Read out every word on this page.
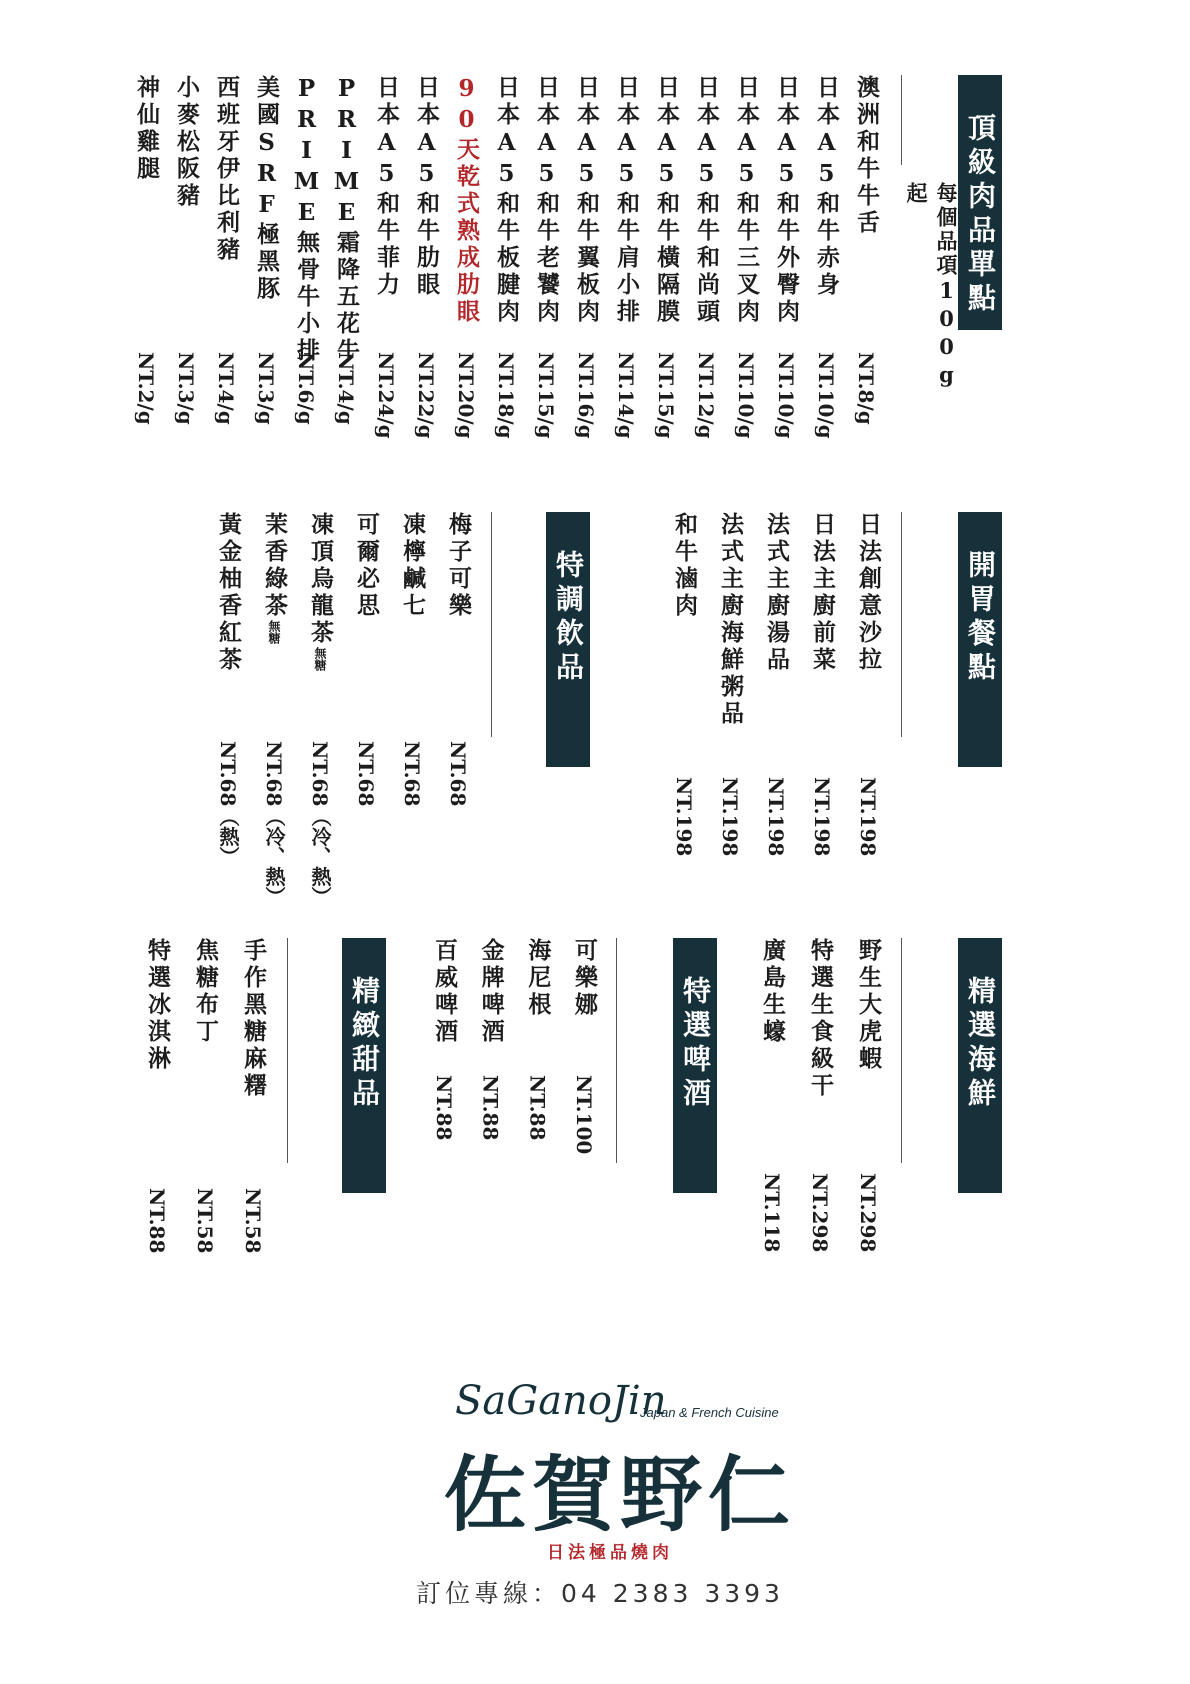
頂級肉品單點
每個品項100g起
澳洲和牛牛舌
NT.8/g
日本A5和牛赤身
NT.10/g
日本A5和牛外臀肉
NT.10/g
日本A5和牛三叉肉
NT.10/g
日本A5和牛和尚頭
NT.12/g
日本A5和牛橫隔膜
NT.15/g
日本A5和牛肩小排
NT.14/g
日本A5和牛翼板肉
NT.16/g
日本A5和牛老饕肉
NT.15/g
日本A5和牛板腱肉
NT.18/g
90天乾式熟成肋眼
NT.20/g
日本A5和牛肋眼
NT.22/g
日本A5和牛菲力
NT.24/g
PRIME霜降五花牛
NT.4/g
PRIME無骨牛小排
NT.6/g
美國SRF極黑豚
NT.3/g
西班牙伊比利豬
NT.4/g
小麥松阪豬
NT.3/g
神仙雞腿
NT.2/g
開胃餐點
日法創意沙拉
NT.198
日法主廚前菜
NT.198
法式主廚湯品
NT.198
法式主廚海鮮粥品
NT.198
和牛滷肉
NT.198
特調飲品
梅子可樂
NT.68
凍檸鹹七
NT.68
可爾必思
NT.68
凍頂烏龍茶無糖
NT.68（冷、熱）
茉香綠茶無糖
NT.68（冷、熱）
黃金柚香紅茶
NT.68（熱）
精選海鮮
野生大虎蝦
NT.298
特選生食級干
NT.298
廣島生蠔
NT.118
特選啤酒
可樂娜
NT.100
海尼根
NT.88
金牌啤酒
NT.88
百威啤酒
NT.88
精緻甜品
手作黑糖麻糬
NT.58
焦糖布丁
NT.58
特選冰淇淋
NT.88
SaGanoJin
Japan & French Cuisine
佐賀野仁
日法極品燒肉
訂位專線：04 2383 3393
